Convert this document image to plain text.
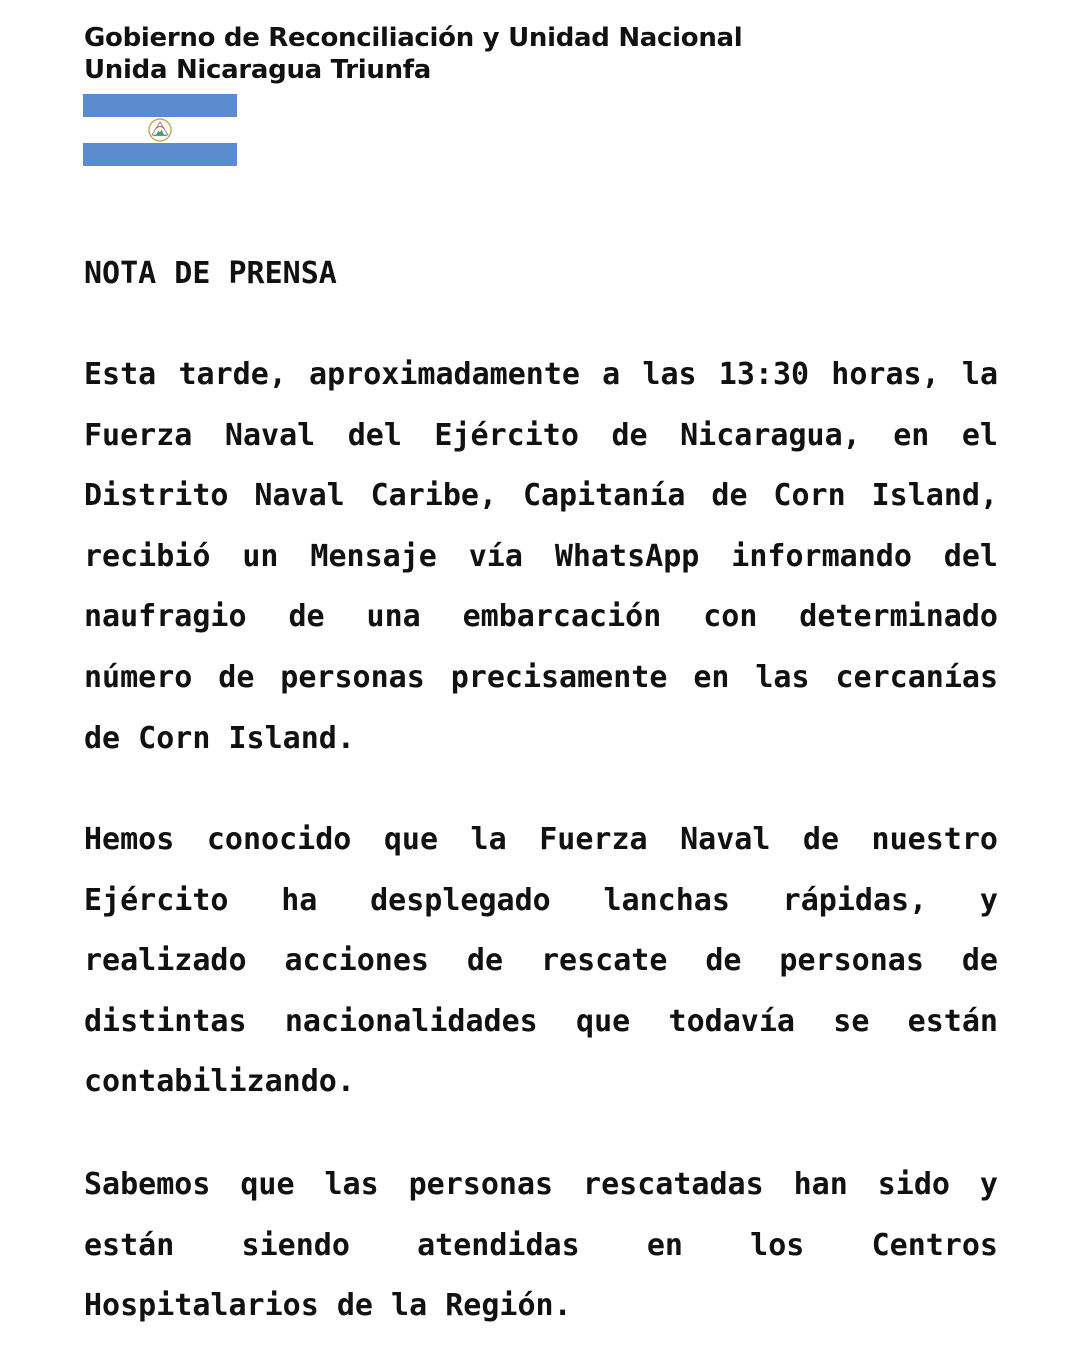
Gobierno de Reconciliación y Unidad Nacional
Unida Nicaragua Triunfa
NOTA DE PRENSA
Esta tarde, aproximadamente a las 13:30 horas, la Fuerza Naval del Ejército de Nicaragua, en el Distrito Naval Caribe, Capitanía de Corn Island, recibió un Mensaje vía WhatsApp informando del naufragio de una embarcación con determinado número de personas precisamente en las cercanías de Corn Island.
Hemos conocido que la Fuerza Naval de nuestro Ejército ha desplegado lanchas rápidas, y realizado acciones de rescate de personas de distintas nacionalidades que todavía se están contabilizando.
Sabemos que las personas rescatadas han sido y están siendo atendidas en los Centros Hospitalarios de la Región.
